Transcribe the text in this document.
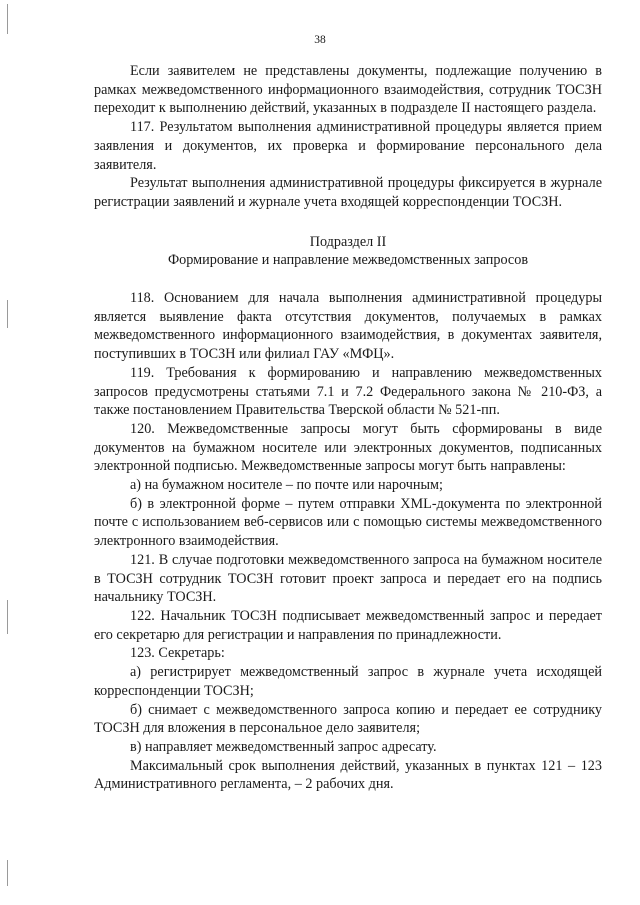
38

Если заявителем не представлены документы, подлежащие получению в рамках межведомственного информационного взаимодействия, сотрудник ТОСЗН переходит к выполнению действий, указанных в подразделе II настоящего раздела.

117. Результатом выполнения административной процедуры является прием заявления и документов, их проверка и формирование персонального дела заявителя.

Результат выполнения административной процедуры фиксируется в журнале регистрации заявлений и журнале учета входящей корреспонденции ТОСЗН.

Подраздел II

Формирование и направление межведомственных запросов

118. Основанием для начала выполнения административной процедуры является выявление факта отсутствия документов, получаемых в рамках межведомственного информационного взаимодействия, в документах заявителя, поступивших в ТОСЗН или филиал ГАУ «МФЦ».

119. Требования к формированию и направлению межведомственных запросов предусмотрены статьями 7.1 и 7.2 Федерального закона № 210-ФЗ, а также постановлением Правительства Тверской области № 521-пп.

120. Межведомственные запросы могут быть сформированы в виде документов на бумажном носителе или электронных документов, подписанных электронной подписью. Межведомственные запросы могут быть направлены:

а) на бумажном носителе – по почте или нарочным;

б) в электронной форме – путем отправки XML-документа по электронной почте с использованием веб-сервисов или с помощью системы межведомственного электронного взаимодействия.

121. В случае подготовки межведомственного запроса на бумажном носителе в ТОСЗН сотрудник ТОСЗН готовит проект запроса и передает его на подпись начальнику ТОСЗН.

122. Начальник ТОСЗН подписывает межведомственный запрос и передает его секретарю для регистрации и направления по принадлежности.

123. Секретарь:

а) регистрирует межведомственный запрос в журнале учета исходящей корреспонденции ТОСЗН;

б) снимает с межведомственного запроса копию и передает ее сотруднику ТОСЗН для вложения в персональное дело заявителя;

в) направляет межведомственный запрос адресату.

Максимальный срок выполнения действий, указанных в пунктах 121 – 123 Административного регламента, – 2 рабочих дня.
